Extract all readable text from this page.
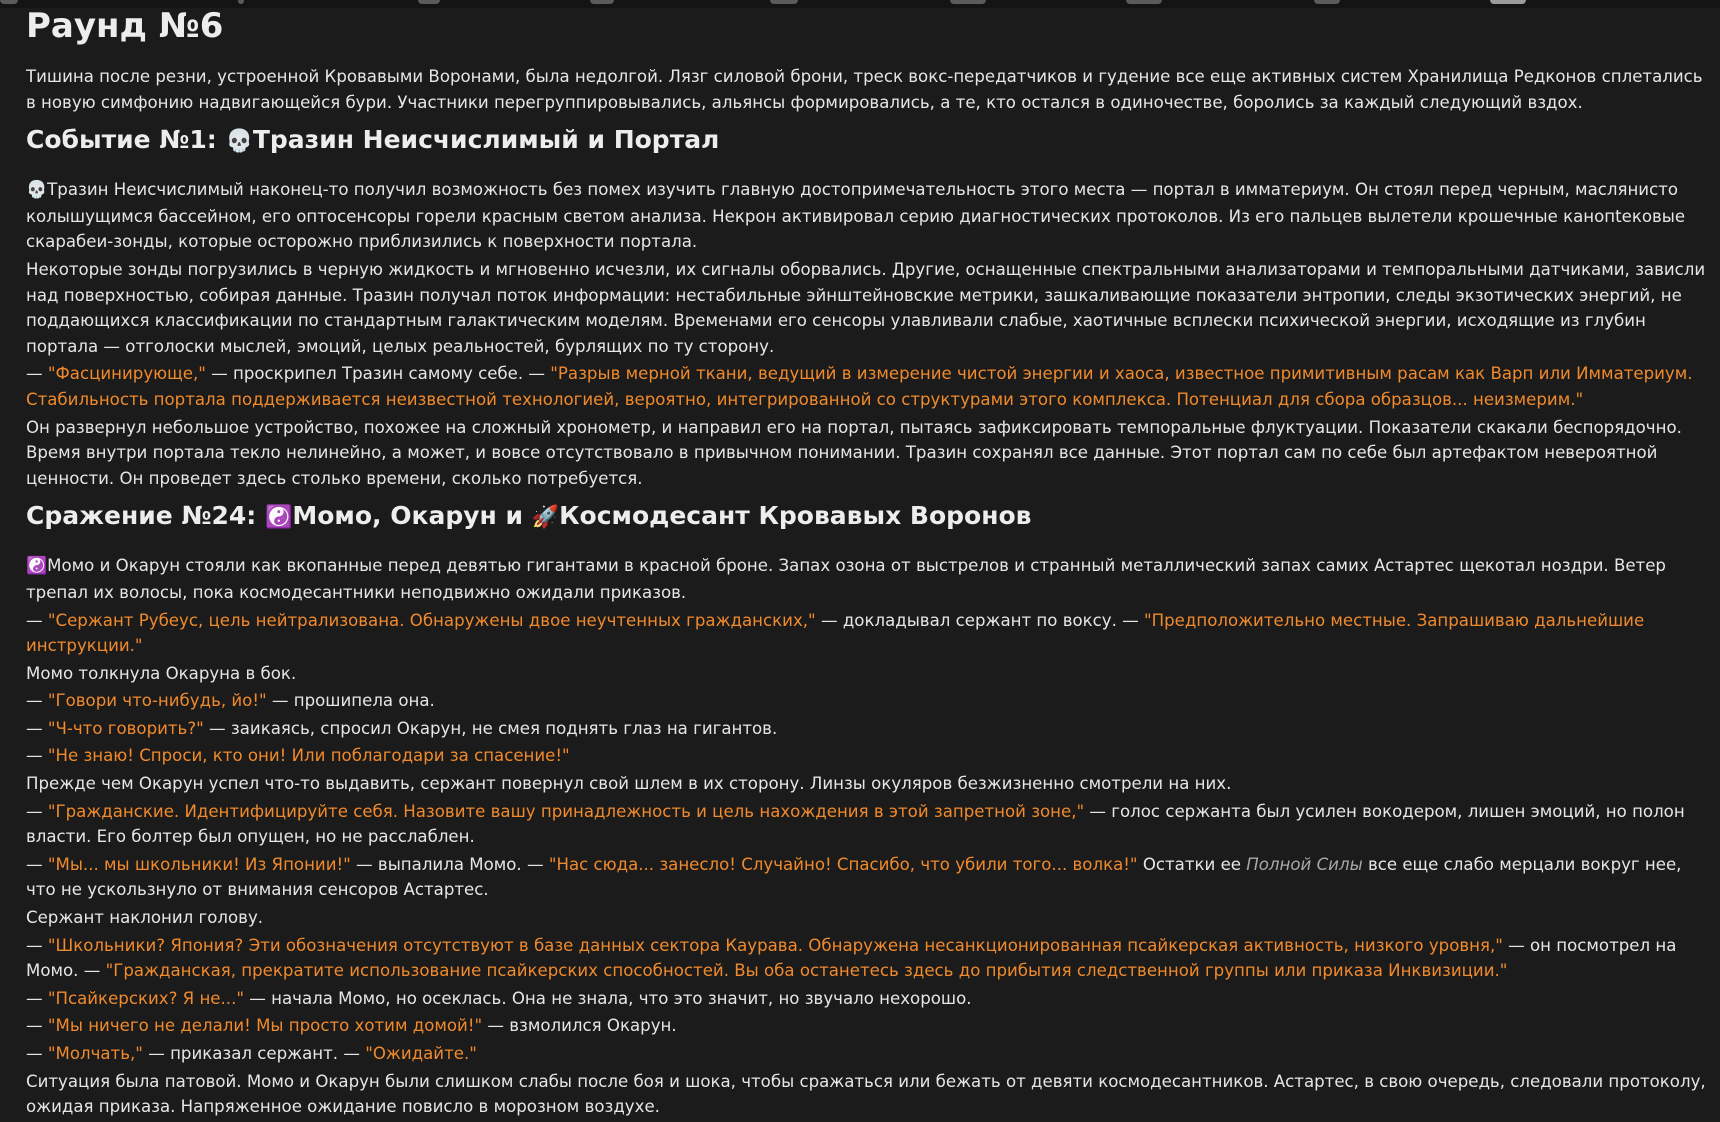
Раунд №6

Тишина после резни, устроенной Кровавыми Воронами, была недолгой. Лязг силовой брони, треск вокс-передатчиков и гудение все еще активных систем Хранилища Редконов сплетались в новую симфонию надвигающейся бури. Участники перегруппировывались, альянсы формировались, а те, кто остался в одиночестве, боролись за каждый следующий вздох.

Событие №1: 💀Тразин Неисчислимый и Портал

💀Тразин Неисчислимый наконец-то получил возможность без помех изучить главную достопримечательность этого места — портал в имматериум. Он стоял перед черным, маслянисто колышущимся бассейном, его оптосенсоры горели красным светом анализа. Некрон активировал серию диагностических протоколов. Из его пальцев вылетели крошечные канопteковые скарабеи-зонды, которые осторожно приблизились к поверхности портала.

Некоторые зонды погрузились в черную жидкость и мгновенно исчезли, их сигналы оборвались. Другие, оснащенные спектральными анализаторами и темпоральными датчиками, зависли над поверхностью, собирая данные. Тразин получал поток информации: нестабильные эйнштейновские метрики, зашкаливающие показатели энтропии, следы экзотических энергий, не поддающихся классификации по стандартным галактическим моделям. Временами его сенсоры улавливали слабые, хаотичные всплески психической энергии, исходящие из глубин портала — отголоски мыслей, эмоций, целых реальностей, бурлящих по ту сторону.

— "Фасцинирующе," — проскрипел Тразин самому себе. — "Разрыв мерной ткани, ведущий в измерение чистой энергии и хаоса, известное примитивным расам как Варп или Имматериум. Стабильность портала поддерживается неизвестной технологией, вероятно, интегрированной со структурами этого комплекса. Потенциал для сбора образцов... неизмерим."

Он развернул небольшое устройство, похожее на сложный хронометр, и направил его на портал, пытаясь зафиксировать темпоральные флуктуации. Показатели скакали беспорядочно. Время внутри портала текло нелинейно, а может, и вовсе отсутствовало в привычном понимании. Тразин сохранял все данные. Этот портал сам по себе был артефактом невероятной ценности. Он проведет здесь столько времени, сколько потребуется.

Сражение №24: ☯️Момо, Окарун и 🚀Космодесант Кровавых Воронов

☯️Момо и Окарун стояли как вкопанные перед девятью гигантами в красной броне. Запах озона от выстрелов и странный металлический запах самих Астартес щекотал ноздри. Ветер трепал их волосы, пока космодесантники неподвижно ожидали приказов.

— "Сержант Рубеус, цель нейтрализована. Обнаружены двое неучтенных гражданских," — докладывал сержант по воксу. — "Предположительно местные. Запрашиваю дальнейшие инструкции."

Момо толкнула Окаруна в бок.

— "Говори что-нибудь, йо!" — прошипела она.

— "Ч-что говорить?" — заикаясь, спросил Окарун, не смея поднять глаз на гигантов.

— "Не знаю! Спроси, кто они! Или поблагодари за спасение!"

Прежде чем Окарун успел что-то выдавить, сержант повернул свой шлем в их сторону. Линзы окуляров безжизненно смотрели на них.

— "Гражданские. Идентифицируйте себя. Назовите вашу принадлежность и цель нахождения в этой запретной зоне," — голос сержанта был усилен вокодером, лишен эмоций, но полон власти. Его болтер был опущен, но не расслаблен.

— "Мы... мы школьники! Из Японии!" — выпалила Момо. — "Нас сюда... занесло! Случайно! Спасибо, что убили того... волка!" Остатки ее Полной Силы все еще слабо мерцали вокруг нее, что не ускользнуло от внимания сенсоров Астартес.

Сержант наклонил голову.

— "Школьники? Япония? Эти обозначения отсутствуют в базе данных сектора Каурава. Обнаружена несанкционированная псайкерская активность, низкого уровня," — он посмотрел на Момо. — "Гражданская, прекратите использование псайкерских способностей. Вы оба останетесь здесь до прибытия следственной группы или приказа Инквизиции."

— "Псайкерских? Я не..." — начала Момо, но осеклась. Она не знала, что это значит, но звучало нехорошо.

— "Мы ничего не делали! Мы просто хотим домой!" — взмолился Окарун.

— "Молчать," — приказал сержант. — "Ожидайте."

Ситуация была патовой. Момо и Окарун были слишком слабы после боя и шока, чтобы сражаться или бежать от девяти космодесантников. Астартес, в свою очередь, следовали протоколу, ожидая приказа. Напряженное ожидание повисло в морозном воздухе.
